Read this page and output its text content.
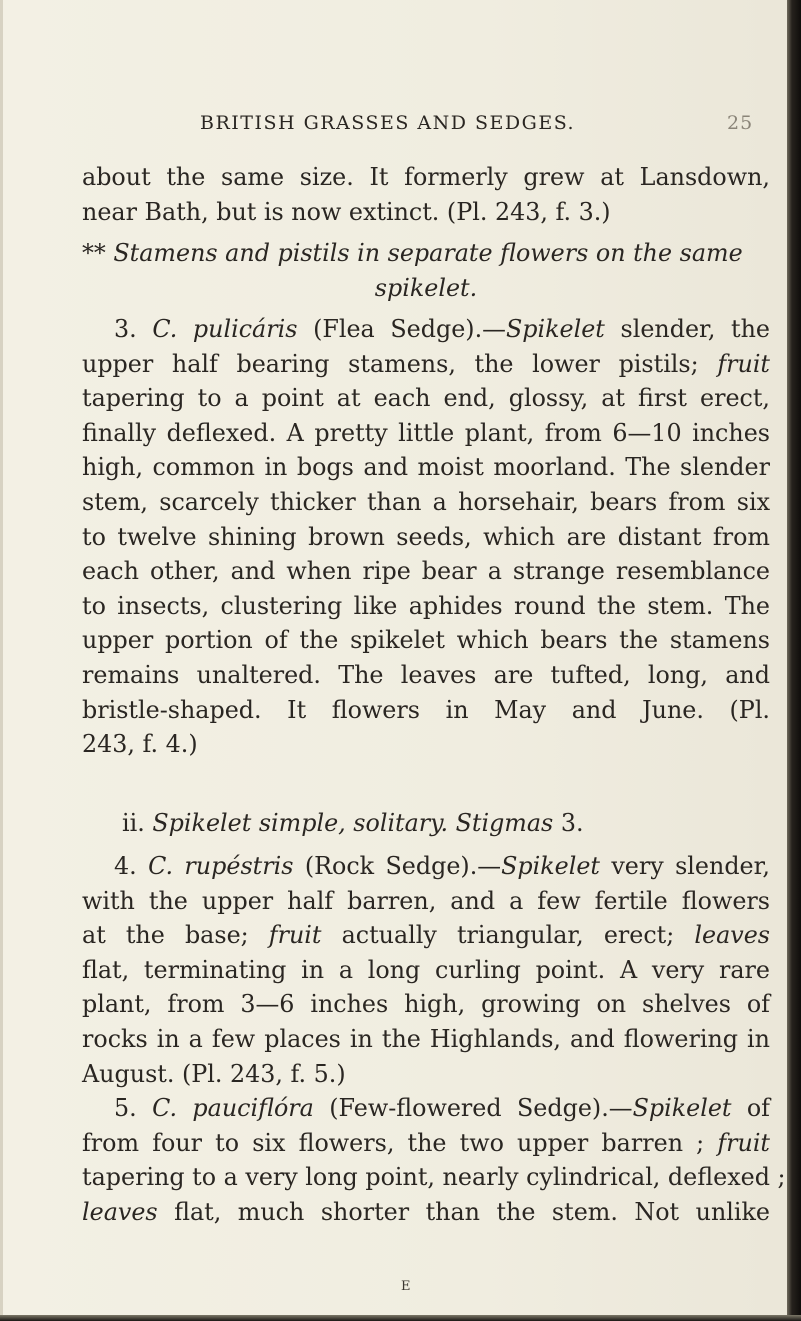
BRITISH GRASSES AND SEDGES.	25
about the same size. It formerly grew at Lansdown,
near Bath, but is now extinct. (Pl. 243, f. 3.)
** Stamens and pistils in separate flowers on the same
spikelet.
3. C. pulicáris (Flea Sedge).—Spikelet slender, the
upper half bearing stamens, the lower pistils; fruit
tapering to a point at each end, glossy, at first erect,
finally deflexed. A pretty little plant, from 6—10 inches
high, common in bogs and moist moorland. The slender
stem, scarcely thicker than a horsehair, bears from six
to twelve shining brown seeds, which are distant from
each other, and when ripe bear a strange resemblance
to insects, clustering like aphides round the stem. The
upper portion of the spikelet which bears the stamens
remains unaltered. The leaves are tufted, long, and
bristle-shaped. It flowers in May and June. (Pl.
243, f. 4.)
ii. Spikelet simple, solitary. Stigmas 3.
4. C. rupéstris (Rock Sedge).—Spikelet very slender,
with the upper half barren, and a few fertile flowers
at the base; fruit actually triangular, erect; leaves
flat, terminating in a long curling point. A very rare
plant, from 3—6 inches high, growing on shelves of
rocks in a few places in the Highlands, and flowering in
August. (Pl. 243, f. 5.)
5. C. pauciflóra (Few-flowered Sedge).—Spikelet of
from four to six flowers, the two upper barren ; fruit
tapering to a very long point, nearly cylindrical, deflexed ;
leaves flat, much shorter than the stem. Not unlike
E
